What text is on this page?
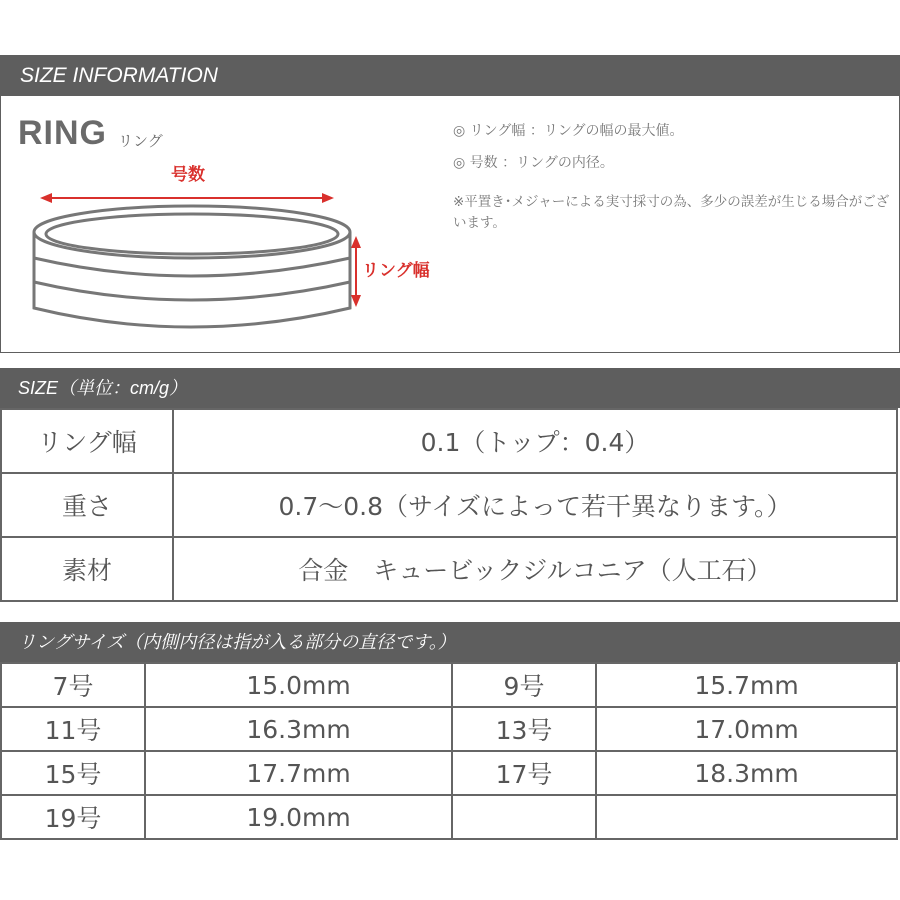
SIZE INFORMATION
RING リング
号数
リング幅
◎ リング幅 ：リングの幅の最大値。
◎ 号数 ：リングの内径。
※平置き･メジャーによる実寸採寸の為、多少の誤差が生じる場合がございます。
SIZE（単位：cm/g）
リング幅	0.1（トップ：0.4）
重さ	0.7～0.8（サイズによって若干異なります。）
素材	合金　キュービックジルコニア（人工石）
リングサイズ（内側内径は指が入る部分の直径です。）
7号	15.0mm	9号	15.7mm
11号	16.3mm	13号	17.0mm
15号	17.7mm	17号	18.3mm
19号	19.0mm		
